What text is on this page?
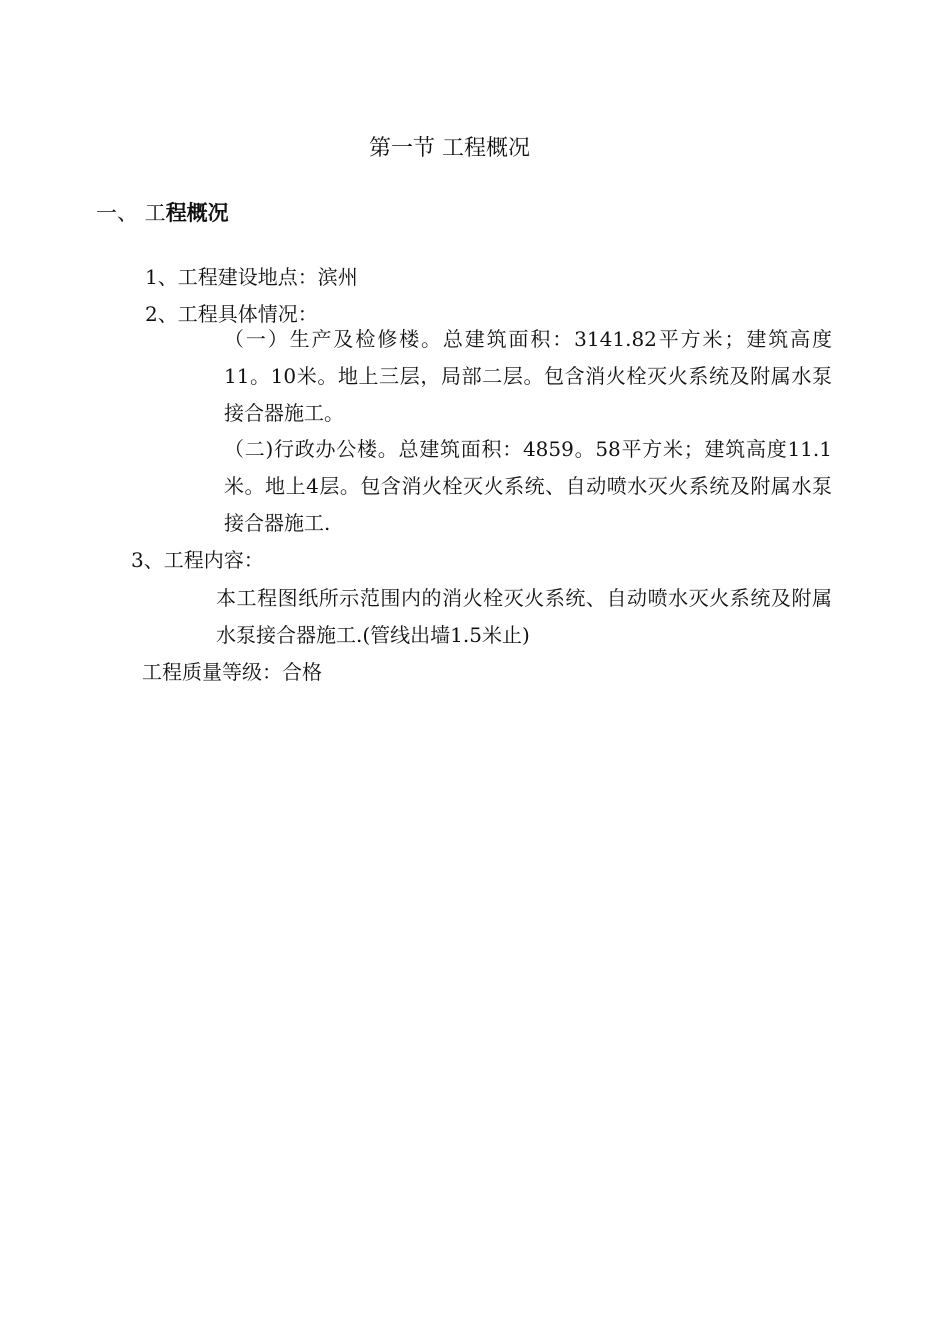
第一节 工程概况
一、 工程概况
1、工程建设地点：滨州
2、工程具体情况：
（一）生产及检修楼。总建筑面积：3141.82平方米；建筑高度11。10米。地上三层，局部二层。包含消火栓灭火系统及附属水泵接合器施工。
（二)行政办公楼。总建筑面积：4859。58平方米；建筑高度11.1米。地上4层。包含消火栓灭火系统、自动喷水灭火系统及附属水泵接合器施工.
3、工程内容：
本工程图纸所示范围内的消火栓灭火系统、自动喷水灭火系统及附属水泵接合器施工.(管线出墙1.5米止)
工程质量等级：合格
